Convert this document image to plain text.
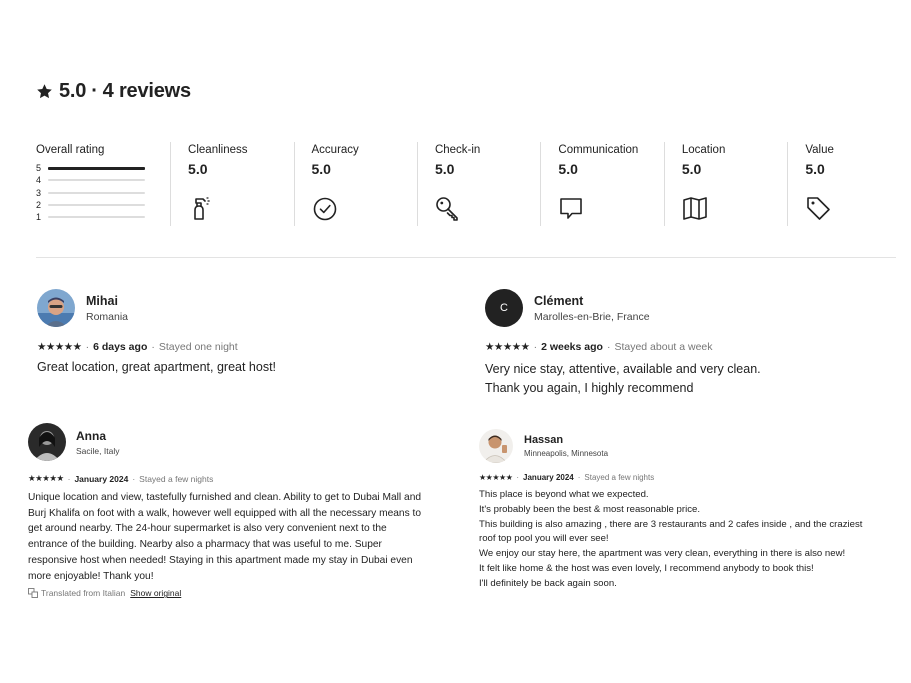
5.0 · 4 reviews
Overall rating
5
4
3
2
1
Cleanliness
5.0
Accuracy
5.0
Check-in
5.0
Communication
5.0
Location
5.0
Value
5.0
Mihai
Romania
★★★★★ · 6 days ago · Stayed one night

Great location, great apartment, great host!

C
Clément
Marolles-en-Brie, France
★★★★★ · 2 weeks ago · Stayed about a week

Very nice stay, attentive, available and very clean.

Thank you again, I highly recommend

Anna
Sacile, Italy
★★★★★ · January 2024 · Stayed a few nights

Unique location and view, tastefully furnished and clean. Ability to get to Dubai Mall and

Burj Khalifa on foot with a walk, however well equipped with all the necessary means to

get around nearby. The 24-hour supermarket is also very convenient next to the

entrance of the building. Nearby also a pharmacy that was useful to me. Super

responsive host when needed! Staying in this apartment made my stay in Dubai even

more enjoyable! Thank you!

Translated from Italian Show original
Hassan
Minneapolis, Minnesota
★★★★★ · January 2024 · Stayed a few nights

This place is beyond what we expected.

It's probably been the best & most reasonable price.

This building is also amazing , there are 3 restaurants and 2 cafes inside , and the craziest

roof top pool you will ever see!

We enjoy our stay here, the apartment was very clean, everything in there is also new!

It felt like home & the host was even lovely, I recommend anybody to book this!

I'll definitely be back again soon.
